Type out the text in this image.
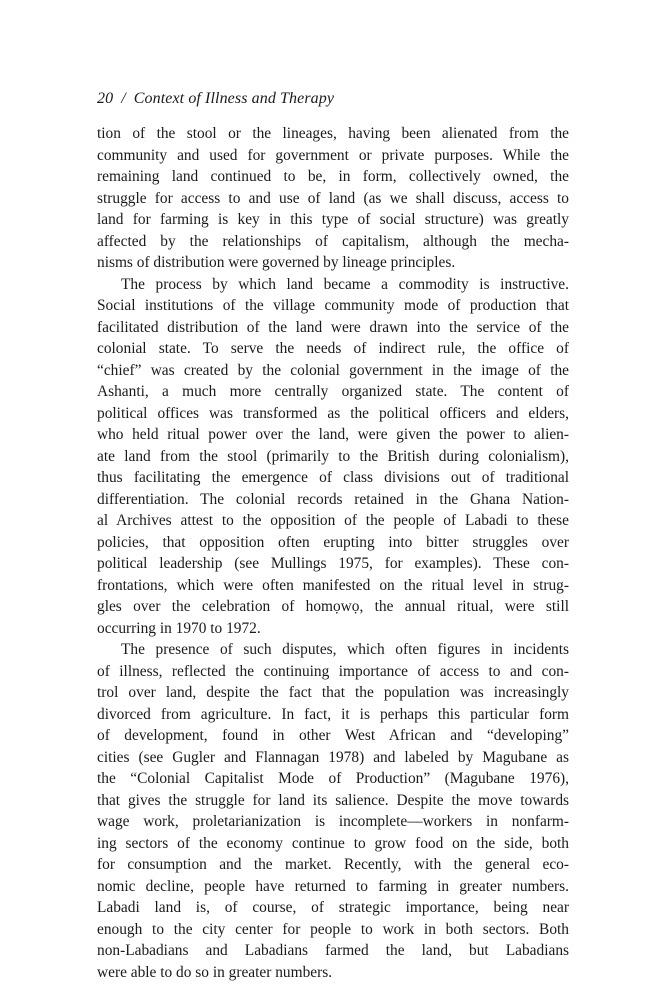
20 / Context of Illness and Therapy
tion of the stool or the lineages, having been alienated from the
community and used for government or private purposes. While the
remaining land continued to be, in form, collectively owned, the
struggle for access to and use of land (as we shall discuss, access to
land for farming is key in this type of social structure) was greatly
affected by the relationships of capitalism, although the mecha-
nisms of distribution were governed by lineage principles.
The process by which land became a commodity is instructive.
Social institutions of the village community mode of production that
facilitated distribution of the land were drawn into the service of the
colonial state. To serve the needs of indirect rule, the office of
“chief” was created by the colonial government in the image of the
Ashanti, a much more centrally organized state. The content of
political offices was transformed as the political officers and elders,
who held ritual power over the land, were given the power to alien-
ate land from the stool (primarily to the British during colonialism),
thus facilitating the emergence of class divisions out of traditional
differentiation. The colonial records retained in the Ghana Nation-
al Archives attest to the opposition of the people of Labadi to these
policies, that opposition often erupting into bitter struggles over
political leadership (see Mullings 1975, for examples). These con-
frontations, which were often manifested on the ritual level in strug-
gles over the celebration of homọwọ, the annual ritual, were still
occurring in 1970 to 1972.
The presence of such disputes, which often figures in incidents
of illness, reflected the continuing importance of access to and con-
trol over land, despite the fact that the population was increasingly
divorced from agriculture. In fact, it is perhaps this particular form
of development, found in other West African and “developing”
cities (see Gugler and Flannagan 1978) and labeled by Magubane as
the “Colonial Capitalist Mode of Production” (Magubane 1976),
that gives the struggle for land its salience. Despite the move towards
wage work, proletarianization is incomplete—workers in nonfarm-
ing sectors of the economy continue to grow food on the side, both
for consumption and the market. Recently, with the general eco-
nomic decline, people have returned to farming in greater numbers.
Labadi land is, of course, of strategic importance, being near
enough to the city center for people to work in both sectors. Both
non-Labadians and Labadians farmed the land, but Labadians
were able to do so in greater numbers.
